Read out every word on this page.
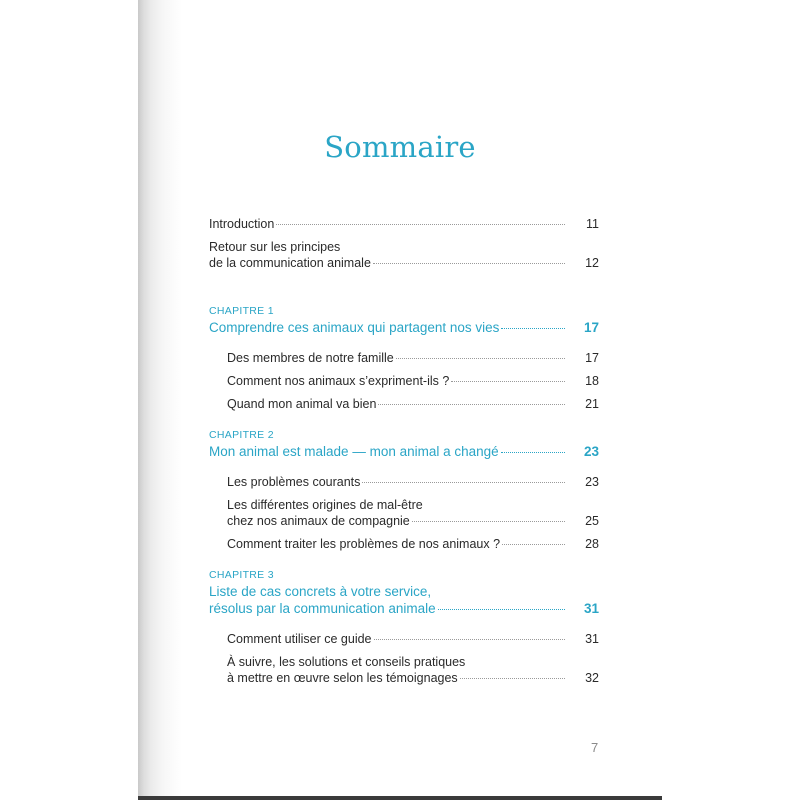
Sommaire
Introduction	11
Retour sur les principes
de la communication animale	12
CHAPITRE 1
Comprendre ces animaux qui partagent nos vies	17
Des membres de notre famille	17
Comment nos animaux s’expriment-ils ?	18
Quand mon animal va bien	21
CHAPITRE 2
Mon animal est malade — mon animal a changé	23
Les problèmes courants	23
Les différentes origines de mal-être
chez nos animaux de compagnie	25
Comment traiter les problèmes de nos animaux ?	28
CHAPITRE 3
Liste de cas concrets à votre service,
résolus par la communication animale	31
Comment utiliser ce guide	31
À suivre, les solutions et conseils pratiques
à mettre en œuvre selon les témoignages	32
7
